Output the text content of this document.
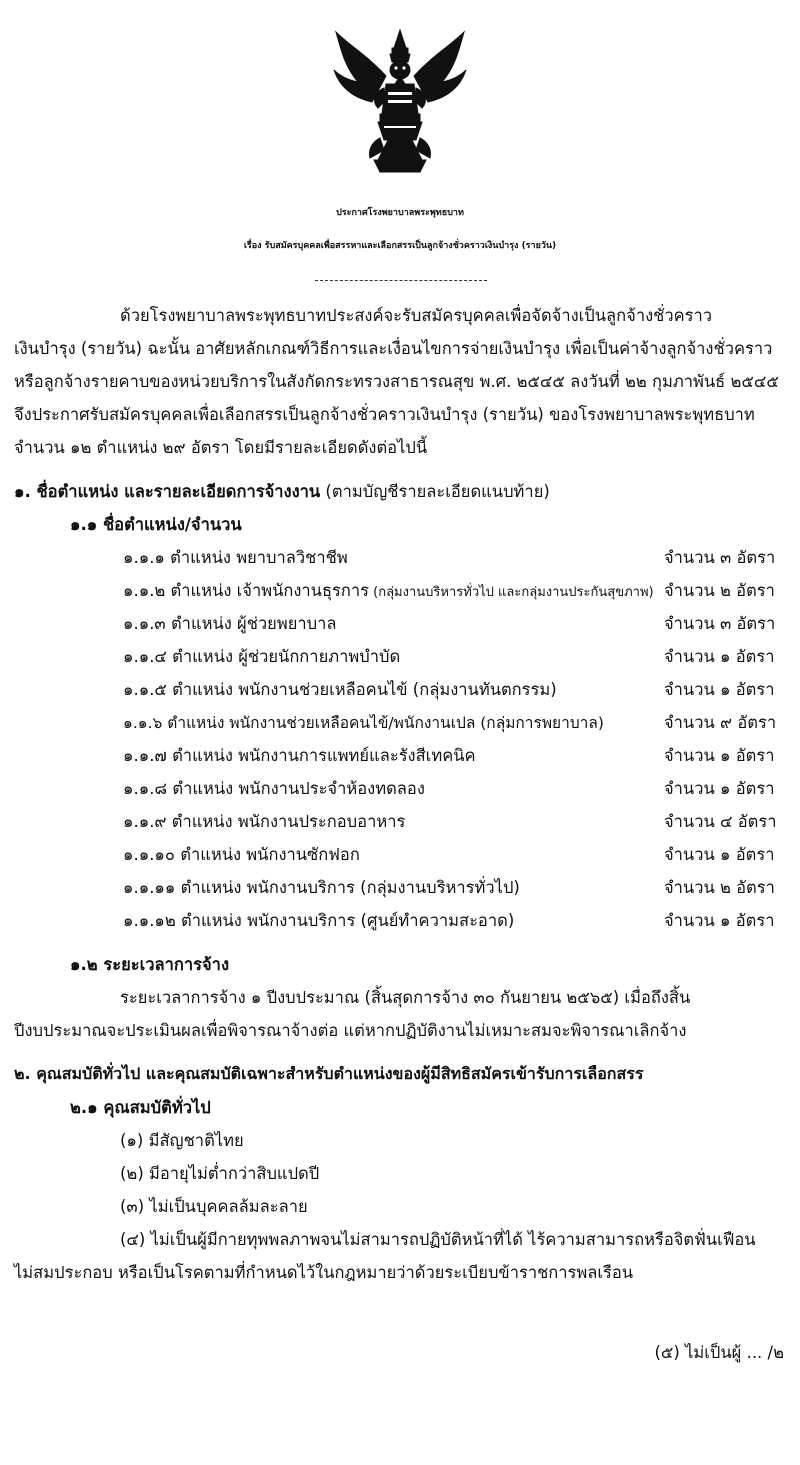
ประกาศโรงพยาบาลพระพุทธบาท
เรื่อง รับสมัครบุคคลเพื่อสรรหาและเลือกสรรเป็นลูกจ้างชั่วคราวเงินบำรุง (รายวัน)
ด้วยโรงพยาบาลพระพุทธบาทประสงค์จะรับสมัครบุคคลเพื่อจัดจ้างเป็นลูกจ้างชั่วคราว
เงินบำรุง (รายวัน) ฉะนั้น อาศัยหลักเกณฑ์วิธีการและเงื่อนไขการจ่ายเงินบำรุง เพื่อเป็นค่าจ้างลูกจ้างชั่วคราว
หรือลูกจ้างรายคาบของหน่วยบริการในสังกัดกระทรวงสาธารณสุข พ.ศ. ๒๕๔๕ ลงวันที่ ๒๒ กุมภาพันธ์ ๒๕๔๕
จึงประกาศรับสมัครบุคคลเพื่อเลือกสรรเป็นลูกจ้างชั่วคราวเงินบำรุง (รายวัน) ของโรงพยาบาลพระพุทธบาท
จำนวน ๑๒ ตำแหน่ง ๒๙ อัตรา โดยมีรายละเอียดดังต่อไปนี้
๑. ชื่อตำแหน่ง และรายละเอียดการจ้างงาน (ตามบัญชีรายละเอียดแนบท้าย)
๑.๑ ชื่อตำแหน่ง/จำนวน
๑.๑.๑ ตำแหน่ง พยาบาลวิชาชีพ	จำนวน ๓ อัตรา
๑.๑.๒ ตำแหน่ง เจ้าพนักงานธุรการ (กลุ่มงานบริหารทั่วไป และกลุ่มงานประกันสุขภาพ) จำนวน ๒ อัตรา
๑.๑.๓ ตำแหน่ง ผู้ช่วยพยาบาล	จำนวน ๓ อัตรา
๑.๑.๔ ตำแหน่ง ผู้ช่วยนักกายภาพบำบัด	จำนวน ๑ อัตรา
๑.๑.๕ ตำแหน่ง พนักงานช่วยเหลือคนไข้ (กลุ่มงานทันตกรรม)	จำนวน ๑ อัตรา
๑.๑.๖ ตำแหน่ง พนักงานช่วยเหลือคนไข้/พนักงานเปล (กลุ่มการพยาบาล)	จำนวน ๙ อัตรา
๑.๑.๗ ตำแหน่ง พนักงานการแพทย์และรังสีเทคนิค	จำนวน ๑ อัตรา
๑.๑.๘ ตำแหน่ง พนักงานประจำห้องทดลอง	จำนวน ๑ อัตรา
๑.๑.๙ ตำแหน่ง พนักงานประกอบอาหาร	จำนวน ๔ อัตรา
๑.๑.๑๐ ตำแหน่ง พนักงานซักฟอก	จำนวน ๑ อัตรา
๑.๑.๑๑ ตำแหน่ง พนักงานบริการ (กลุ่มงานบริหารทั่วไป)	จำนวน ๒ อัตรา
๑.๑.๑๒ ตำแหน่ง พนักงานบริการ (ศูนย์ทำความสะอาด)	จำนวน ๑ อัตรา
๑.๒ ระยะเวลาการจ้าง
ระยะเวลาการจ้าง ๑ ปีงบประมาณ (สิ้นสุดการจ้าง ๓๐ กันยายน ๒๕๖๕) เมื่อถึงสิ้น
ปีงบประมาณจะประเมินผลเพื่อพิจารณาจ้างต่อ แต่หากปฏิบัติงานไม่เหมาะสมจะพิจารณาเลิกจ้าง
๒. คุณสมบัติทั่วไป และคุณสมบัติเฉพาะสำหรับตำแหน่งของผู้มีสิทธิสมัครเข้ารับการเลือกสรร
๒.๑ คุณสมบัติทั่วไป
(๑) มีสัญชาติไทย
(๒) มีอายุไม่ต่ำกว่าสิบแปดปี
(๓) ไม่เป็นบุคคลล้มละลาย
(๔) ไม่เป็นผู้มีกายทุพพลภาพจนไม่สามารถปฏิบัติหน้าที่ได้ ไร้ความสามารถหรือจิตฟั่นเฟือน
ไม่สมประกอบ หรือเป็นโรคตามที่กำหนดไว้ในกฎหมายว่าด้วยระเบียบข้าราชการพลเรือน
(๕) ไม่เป็นผู้ ... /๒
